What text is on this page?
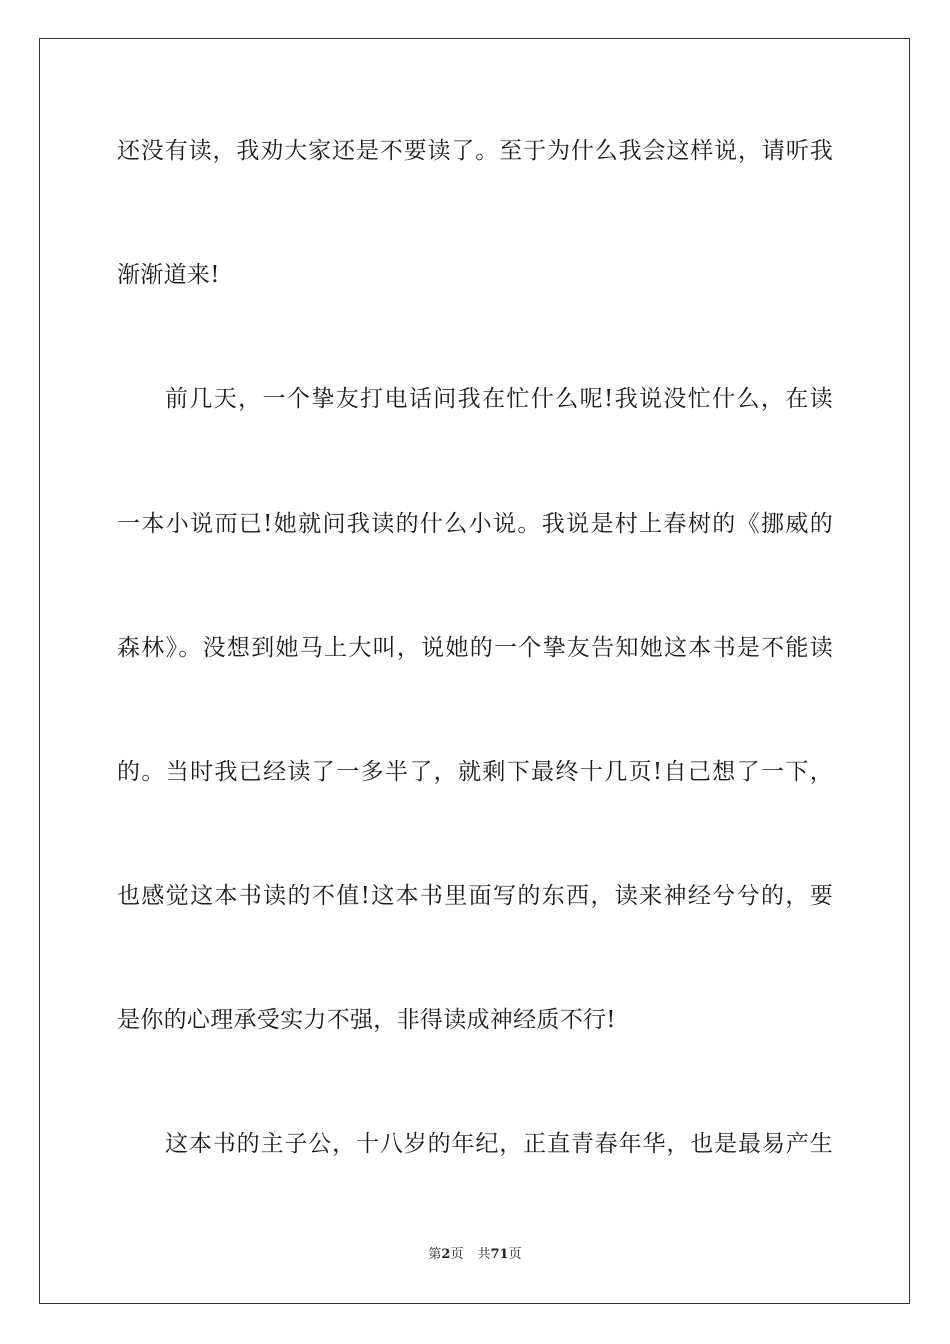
还没有读，我劝大家还是不要读了。至于为什么我会这样说，请听我
渐渐道来!
前几天，一个挚友打电话问我在忙什么呢!我说没忙什么，在读
一本小说而已!她就问我读的什么小说。我说是村上春树的《挪威的
森林》。没想到她马上大叫，说她的一个挚友告知她这本书是不能读
的。当时我已经读了一多半了，就剩下最终十几页!自己想了一下，
也感觉这本书读的不值!这本书里面写的东西，读来神经兮兮的，要
是你的心理承受实力不强，非得读成神经质不行!
这本书的主子公，十八岁的年纪，正直青春年华，也是最易产生
第2页 共71页
